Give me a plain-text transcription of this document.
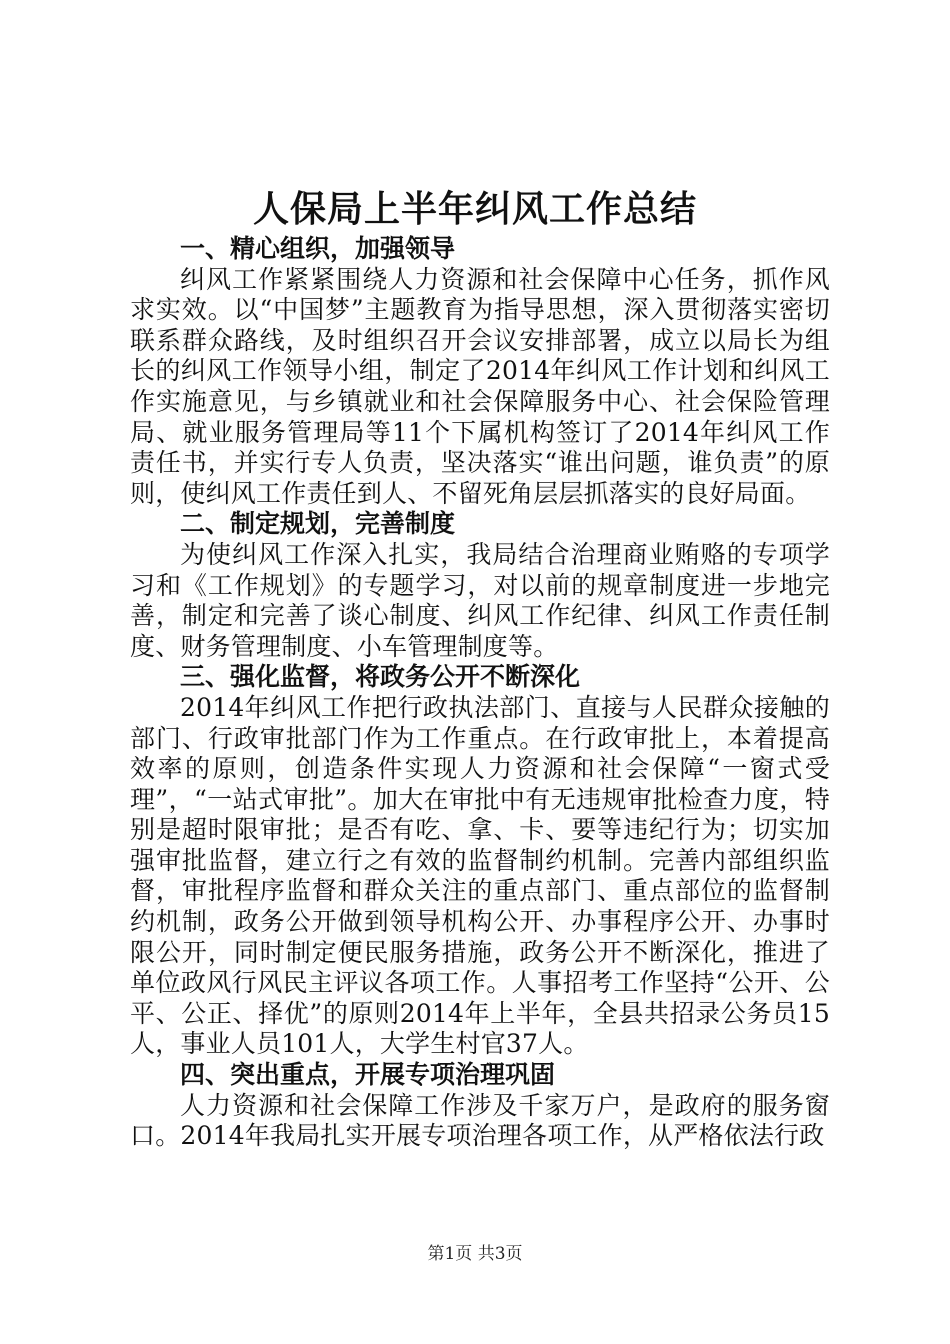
人保局上半年纠风工作总结
一、精心组织，加强领导

纠风工作紧紧围绕人力资源和社会保障中心任务，抓作风求实效。以“中国梦”主题教育为指导思想，深入贯彻落实密切联系群众路线，及时组织召开会议安排部署，成立以局长为组长的纠风工作领导小组，制定了2014年纠风工作计划和纠风工作实施意见，与乡镇就业和社会保障服务中心、社会保险管理局、就业服务管理局等11个下属机构签订了2014年纠风工作责任书，并实行专人负责，坚决落实“谁出问题，谁负责”的原则，使纠风工作责任到人、不留死角层层抓落实的良好局面。

二、制定规划，完善制度

为使纠风工作深入扎实，我局结合治理商业贿赂的专项学习和《工作规划》的专题学习，对以前的规章制度进一步地完善，制定和完善了谈心制度、纠风工作纪律、纠风工作责任制度、财务管理制度、小车管理制度等。

三、强化监督，将政务公开不断深化

2014年纠风工作把行政执法部门、直接与人民群众接触的部门、行政审批部门作为工作重点。在行政审批上，本着提高效率的原则，创造条件实现人力资源和社会保障“一窗式受理”，“一站式审批”。加大在审批中有无违规审批检查力度，特别是超时限审批；是否有吃、拿、卡、要等违纪行为；切实加强审批监督，建立行之有效的监督制约机制。完善内部组织监督，审批程序监督和群众关注的重点部门、重点部位的监督制约机制，政务公开做到领导机构公开、办事程序公开、办事时限公开，同时制定便民服务措施，政务公开不断深化，推进了单位政风行风民主评议各项工作。人事招考工作坚持“公开、公平、公正、择优”的原则2014年上半年，全县共招录公务员15人，事业人员101人，大学生村官37人。

四、突出重点，开展专项治理巩固

人力资源和社会保障工作涉及千家万户，是政府的服务窗口。2014年我局扎实开展专项治理各项工作，从严格依法行政

第1页 共3页
